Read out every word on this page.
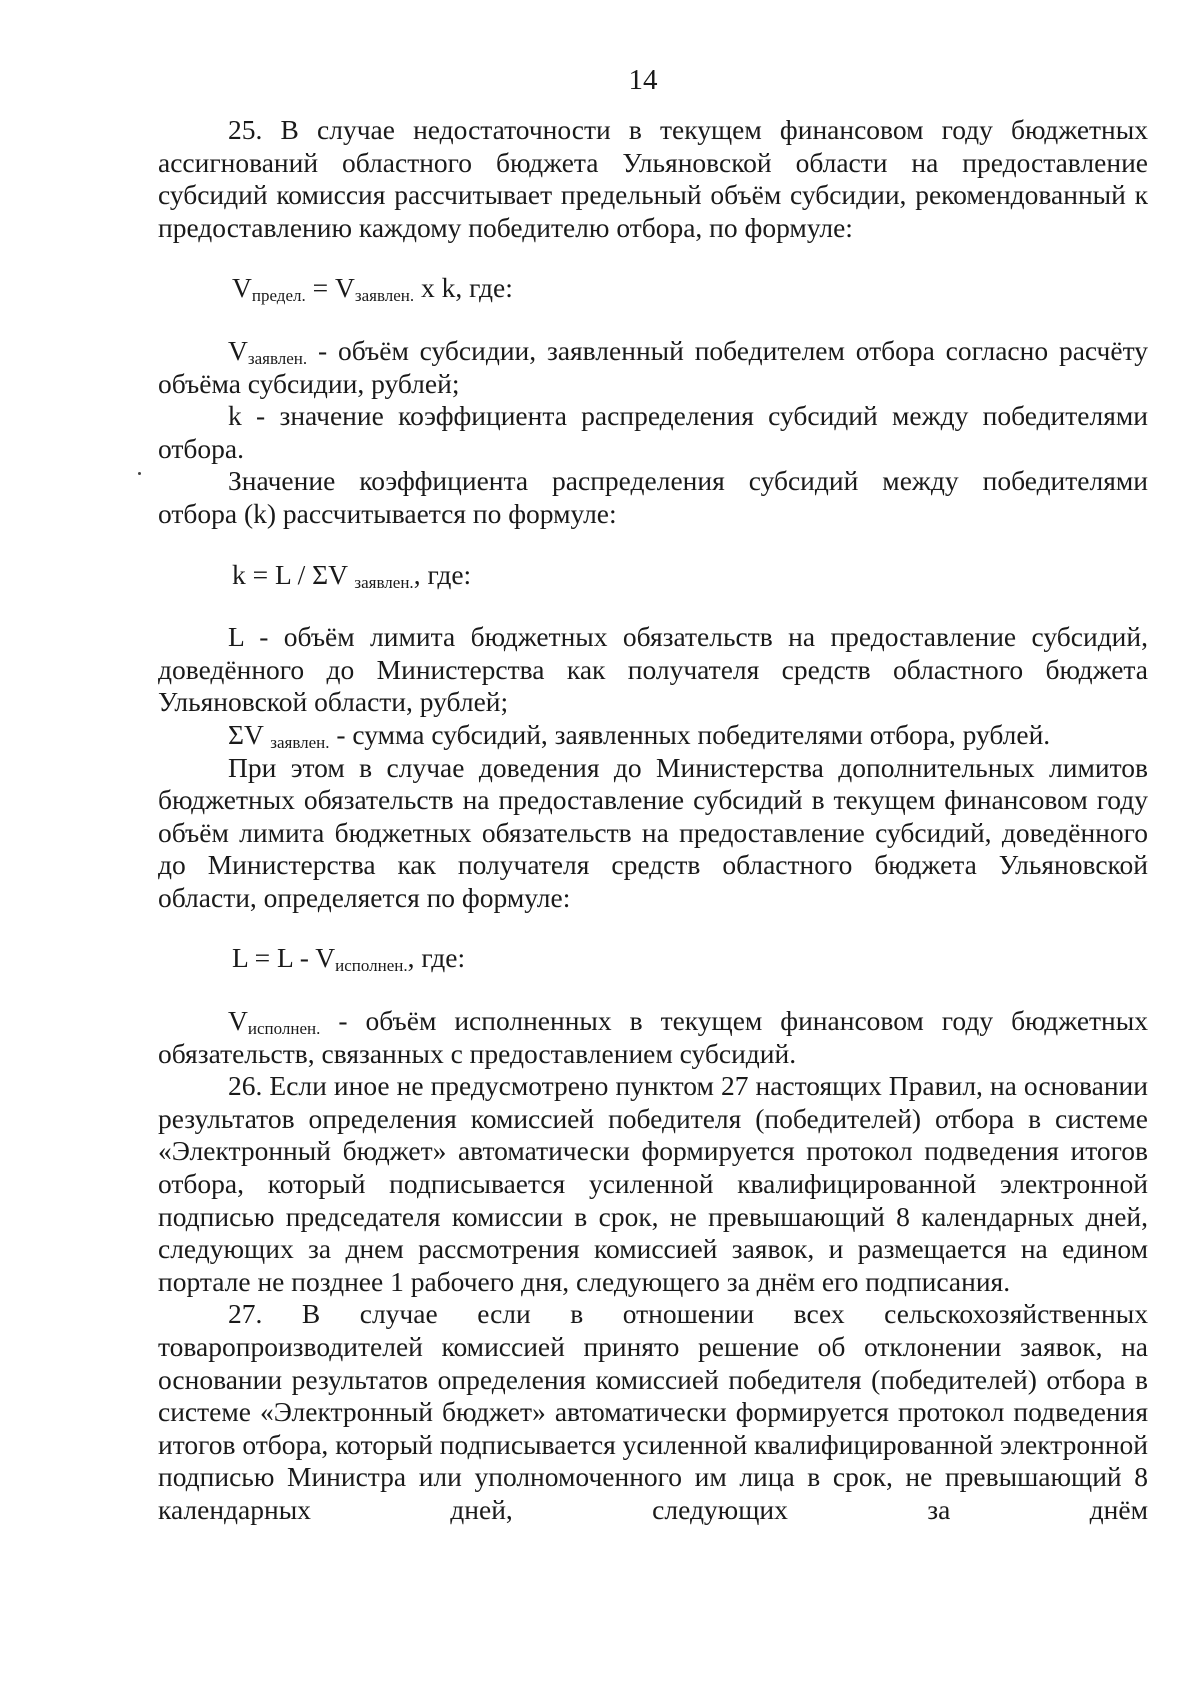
14

25. В случае недостаточности в текущем финансовом году бюджетных ассигнований областного бюджета Ульяновской области на предоставление субсидий комиссия рассчитывает предельный объём субсидии, рекомендованный к предоставлению каждому победителю отбора, по формуле:

$V_{предел.} = V_{заявлен.}$ x k, где:

$V_{заявлен.}$ - объём субсидии, заявленный победителем отбора согласно расчёту объёма субсидии, рублей;

k - значение коэффициента распределения субсидий между победителями отбора.

Значение коэффициента распределения субсидий между победителями отбора (k) рассчитывается по формуле:

k = L / ΣV $_{заявлен.}$, где:

L - объём лимита бюджетных обязательств на предоставление субсидий, доведённого до Министерства как получателя средств областного бюджета Ульяновской области, рублей;

ΣV $_{заявлен.}$ - сумма субсидий, заявленных победителями отбора, рублей.

При этом в случае доведения до Министерства дополнительных лимитов бюджетных обязательств на предоставление субсидий в текущем финансовом году объём лимита бюджетных обязательств на предоставление субсидий, доведённого до Министерства как получателя средств областного бюджета Ульяновской области, определяется по формуле:

$L = L - V_{исполнен.}$, где:

$V_{исполнен.}$ - объём исполненных в текущем финансовом году бюджетных обязательств, связанных с предоставлением субсидий.

26. Если иное не предусмотрено пунктом 27 настоящих Правил, на основании результатов определения комиссией победителя (победителей) отбора в системе «Электронный бюджет» автоматически формируется протокол подведения итогов отбора, который подписывается усиленной квалифицированной электронной подписью председателя комиссии в срок, не превышающий 8 календарных дней, следующих за днем рассмотрения комиссией заявок, и размещается на едином портале не позднее 1 рабочего дня, следующего за днём его подписания.

27. В случае если в отношении всех сельскохозяйственных товаропроизводителей комиссией принято решение об отклонении заявок, на основании результатов определения комиссией победителя (победителей) отбора в системе «Электронный бюджет» автоматически формируется протокол подведения итогов отбора, который подписывается усиленной квалифицированной электронной подписью Министра или уполномоченного им лица в срок, не превышающий 8 календарных дней, следующих за днём
